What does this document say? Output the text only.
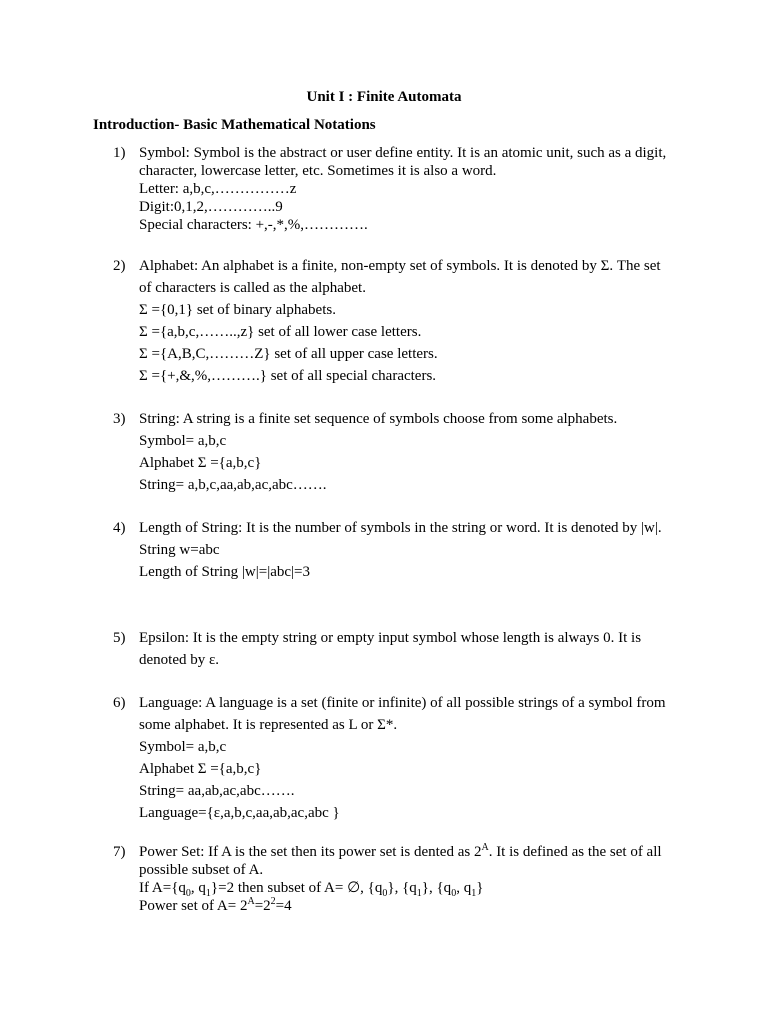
Unit I : Finite Automata
Introduction- Basic Mathematical Notations
1) Symbol: Symbol is the abstract or user define entity. It is an atomic unit, such as a digit, character, lowercase letter, etc. Sometimes it is also a word.
Letter: a,b,c,……………z
Digit:0,1,2,…………..9
Special characters: +,-,*,%,………….
2) Alphabet: An alphabet is a finite, non-empty set of symbols. It is denoted by Σ. The set of characters is called as the alphabet.
Σ ={0,1} set of binary alphabets.
Σ ={a,b,c,……..,z} set of all lower case letters.
Σ ={A,B,C,………Z} set of all upper case letters.
Σ ={+,&,%,……….} set of all special characters.
3) String: A string is a finite set sequence of symbols choose from some alphabets.
Symbol= a,b,c
Alphabet Σ ={a,b,c}
String= a,b,c,aa,ab,ac,abc…….
4) Length of String: It is the number of symbols in the string or word. It is denoted by |w|.
String w=abc
Length of String |w|=|abc|=3
5) Epsilon: It is the empty string or empty input symbol whose length is always 0. It is denoted by ε.
6) Language: A language is a set (finite or infinite) of all possible strings of a symbol from some alphabet. It is represented as L or Σ*.
Symbol= a,b,c
Alphabet Σ ={a,b,c}
String= aa,ab,ac,abc…….
Language={ε,a,b,c,aa,ab,ac,abc }
7) Power Set: If A is the set then its power set is dented as $2^A$. It is defined as the set of all possible subset of A.
If $A=\{q_0$, $q_1\}=2$ then subset of A= ∅, $\{q_0\}$, $\{q_1\}$, {$q_0$, $q_1$}
Power set of $A= 2^A=2^2=4$
